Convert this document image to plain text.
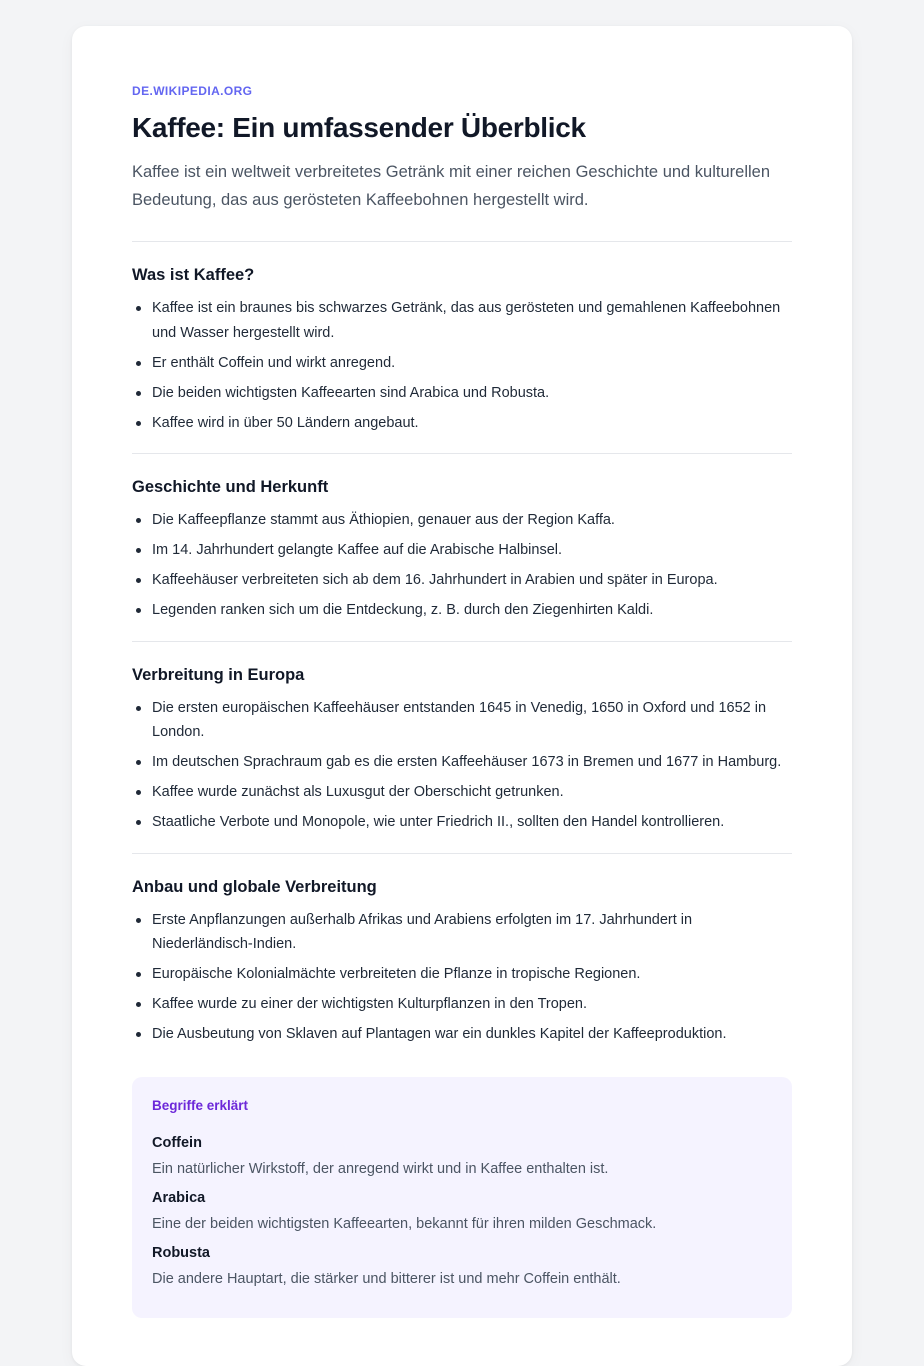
DE.WIKIPEDIA.ORG

Kaffee: Ein umfassender Überblick

Kaffee ist ein weltweit verbreitetes Getränk mit einer reichen Geschichte und kulturellen Bedeutung, das aus gerösteten Kaffeebohnen hergestellt wird.

Was ist Kaffee?
Kaffee ist ein braunes bis schwarzes Getränk, das aus gerösteten und gemahlenen Kaffeebohnen und Wasser hergestellt wird.
Er enthält Coffein und wirkt anregend.
Die beiden wichtigsten Kaffeearten sind Arabica und Robusta.
Kaffee wird in über 50 Ländern angebaut.
Geschichte und Herkunft
Die Kaffeepflanze stammt aus Äthiopien, genauer aus der Region Kaffa.
Im 14. Jahrhundert gelangte Kaffee auf die Arabische Halbinsel.
Kaffeehäuser verbreiteten sich ab dem 16. Jahrhundert in Arabien und später in Europa.
Legenden ranken sich um die Entdeckung, z. B. durch den Ziegenhirten Kaldi.
Verbreitung in Europa
Die ersten europäischen Kaffeehäuser entstanden 1645 in Venedig, 1650 in Oxford und 1652 in London.
Im deutschen Sprachraum gab es die ersten Kaffeehäuser 1673 in Bremen und 1677 in Hamburg.
Kaffee wurde zunächst als Luxusgut der Oberschicht getrunken.
Staatliche Verbote und Monopole, wie unter Friedrich II., sollten den Handel kontrollieren.
Anbau und globale Verbreitung
Erste Anpflanzungen außerhalb Afrikas und Arabiens erfolgten im 17. Jahrhundert in Niederländisch-Indien.
Europäische Kolonialmächte verbreiteten die Pflanze in tropische Regionen.
Kaffee wurde zu einer der wichtigsten Kulturpflanzen in den Tropen.
Die Ausbeutung von Sklaven auf Plantagen war ein dunkles Kapitel der Kaffeeproduktion.
Begriffe erklärt
Coffein
Ein natürlicher Wirkstoff, der anregend wirkt und in Kaffee enthalten ist.
Arabica
Eine der beiden wichtigsten Kaffeearten, bekannt für ihren milden Geschmack.
Robusta
Die andere Hauptart, die stärker und bitterer ist und mehr Coffein enthält.
